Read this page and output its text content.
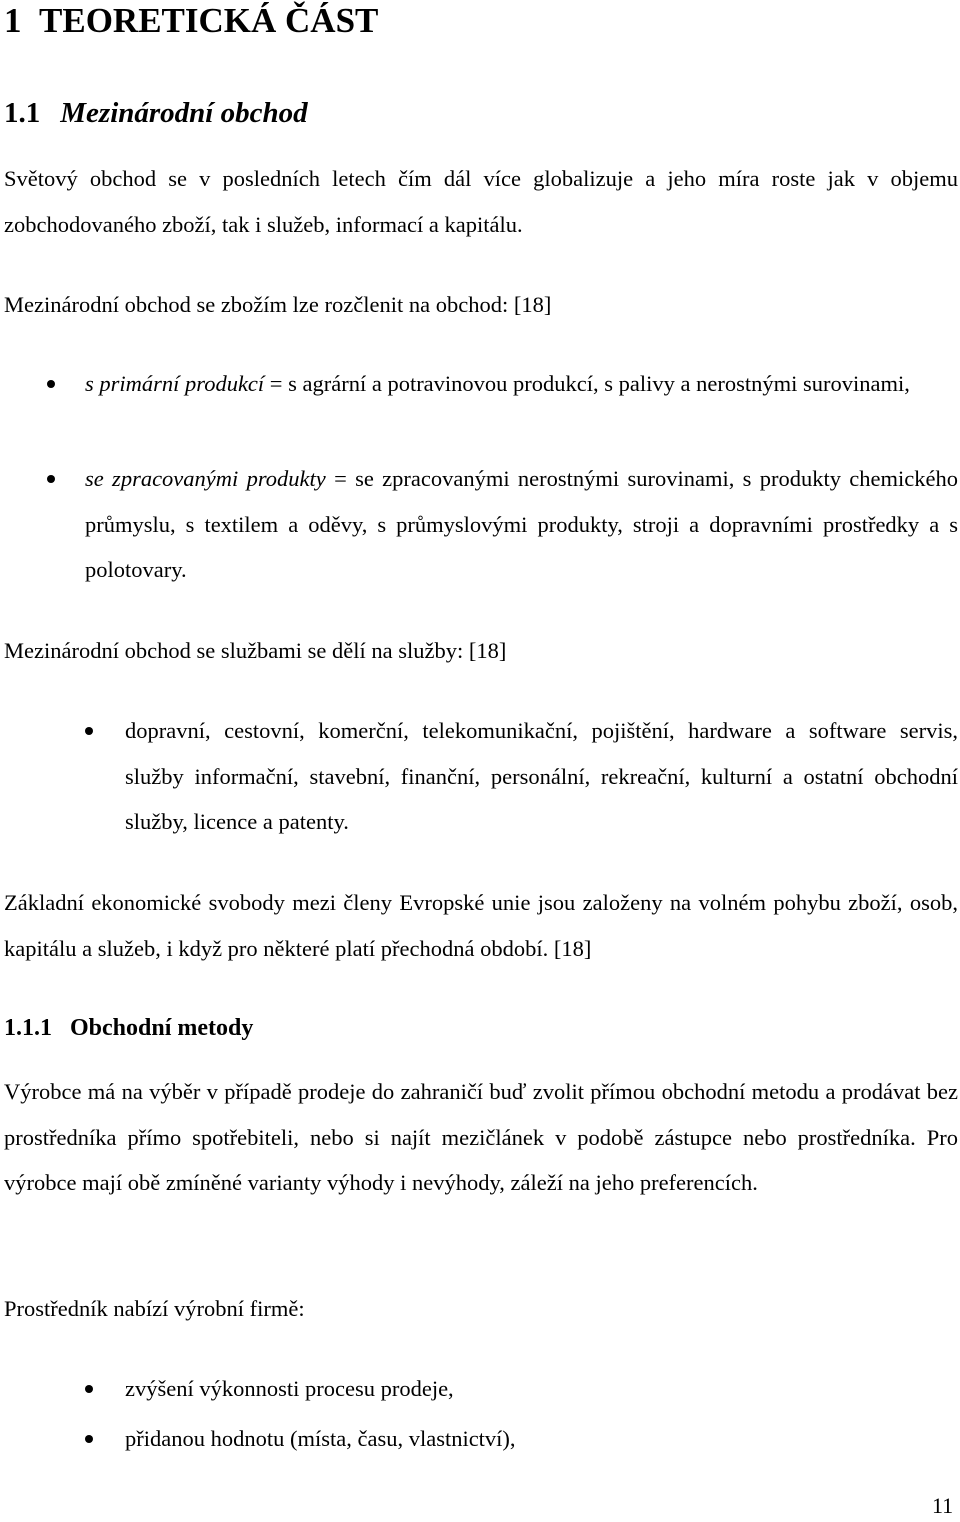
1 TEORETICKÁ ČÁST
1.1 Mezinárodní obchod

Světový obchod se v posledních letech čím dál více globalizuje a jeho míra roste jak v objemu zobchodovaného zboží, tak i služeb, informací a kapitálu.

Mezinárodní obchod se zbožím lze rozčlenit na obchod: [18]

s primární produkcí = s agrární a potravinovou produkcí, s palivy a nerostnými surovinami,

se zpracovanými produkty = se zpracovanými nerostnými surovinami, s produkty chemického průmyslu, s textilem a oděvy, s průmyslovými produkty, stroji a dopravními prostředky a s polotovary.

Mezinárodní obchod se službami se dělí na služby: [18]

dopravní, cestovní, komerční, telekomunikační, pojištění, hardware a software servis, služby informační, stavební, finanční, personální, rekreační, kulturní a ostatní obchodní služby, licence a patenty.

Základní ekonomické svobody mezi členy Evropské unie jsou založeny na volném pohybu zboží, osob, kapitálu a služeb, i když pro některé platí přechodná období. [18]

1.1.1 Obchodní metody

Výrobce má na výběr v případě prodeje do zahraničí buď zvolit přímou obchodní metodu a prodávat bez prostředníka přímo spotřebiteli, nebo si najít mezičlánek v podobě zástupce nebo prostředníka. Pro výrobce mají obě zmíněné varianty výhody i nevýhody, záleží na jeho preferencích.

Prostředník nabízí výrobní firmě:

zvýšení výkonnosti procesu prodeje,

přidanou hodnotu (místa, času, vlastnictví),

11
